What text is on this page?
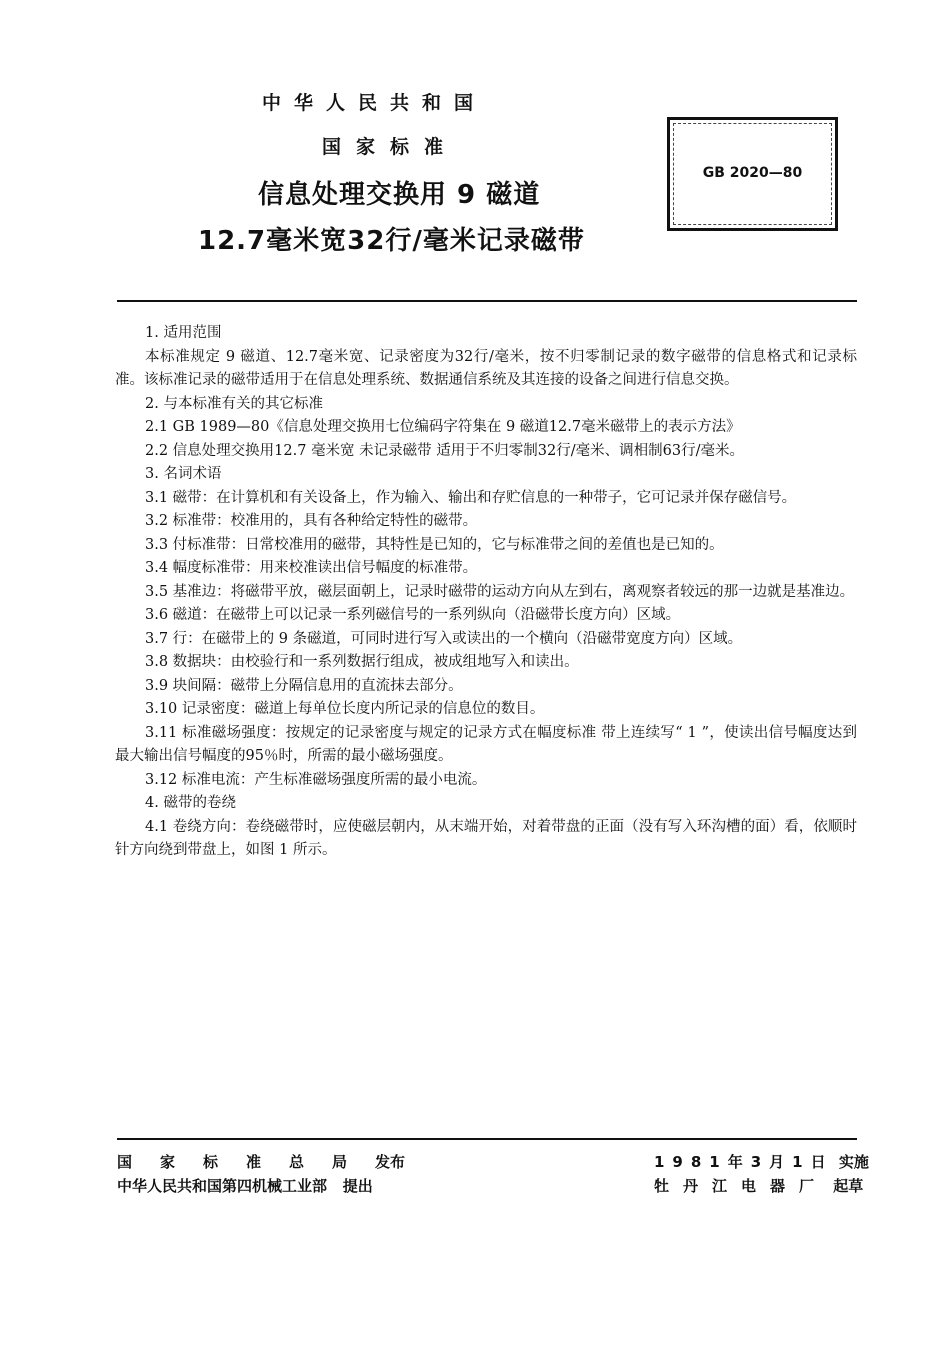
中华人民共和国
国家标准
信息处理交换用 9 磁道
12.7毫米宽32行/毫米记录磁带
GB 2020—80

1. 适用范围

本标准规定 9 磁道、12.7毫米宽、记录密度为32行/毫米，按不归零制记录的数字磁带的信息格式和记录标准。该标准记录的磁带适用于在信息处理系统、数据通信系统及其连接的设备之间进行信息交换。

2. 与本标准有关的其它标准

2.1 GB 1989—80《信息处理交换用七位编码字符集在 9 磁道12.7毫米磁带上的表示方法》

2.2 信息处理交换用12.7 毫米宽 未记录磁带 适用于不归零制32行/毫米、调相制63行/毫米。

3. 名词术语

3.1 磁带：在计算机和有关设备上，作为输入、输出和存贮信息的一种带子，它可记录并保存磁信号。

3.2 标准带：校准用的，具有各种给定特性的磁带。

3.3 付标准带：日常校准用的磁带，其特性是已知的，它与标准带之间的差值也是已知的。

3.4 幅度标准带：用来校准读出信号幅度的标准带。

3.5 基准边：将磁带平放，磁层面朝上，记录时磁带的运动方向从左到右，离观察者较远的那一边就是基准边。

3.6 磁道：在磁带上可以记录一系列磁信号的一系列纵向（沿磁带长度方向）区域。

3.7 行：在磁带上的 9 条磁道，可同时进行写入或读出的一个横向（沿磁带宽度方向）区域。

3.8 数据块：由校验行和一系列数据行组成，被成组地写入和读出。

3.9 块间隔：磁带上分隔信息用的直流抹去部分。

3.10 记录密度：磁道上每单位长度内所记录的信息位的数目。

3.11 标准磁场强度：按规定的记录密度与规定的记录方式在幅度标准 带上连续写“ 1 ”，使读出信号幅度达到最大输出信号幅度的95％时，所需的最小磁场强度。

3.12 标准电流：产生标准磁场强度所需的最小电流。

4. 磁带的卷绕

4.1 卷绕方向：卷绕磁带时，应使磁层朝内，从末端开始，对着带盘的正面（没有写入环沟槽的面）看，依顺时针方向绕到带盘上，如图 1 所示。

国家标准总局发布
中华人民共和国第四机械工业部 提出
1981年3月1日 实施
牡丹江电器厂 起草
